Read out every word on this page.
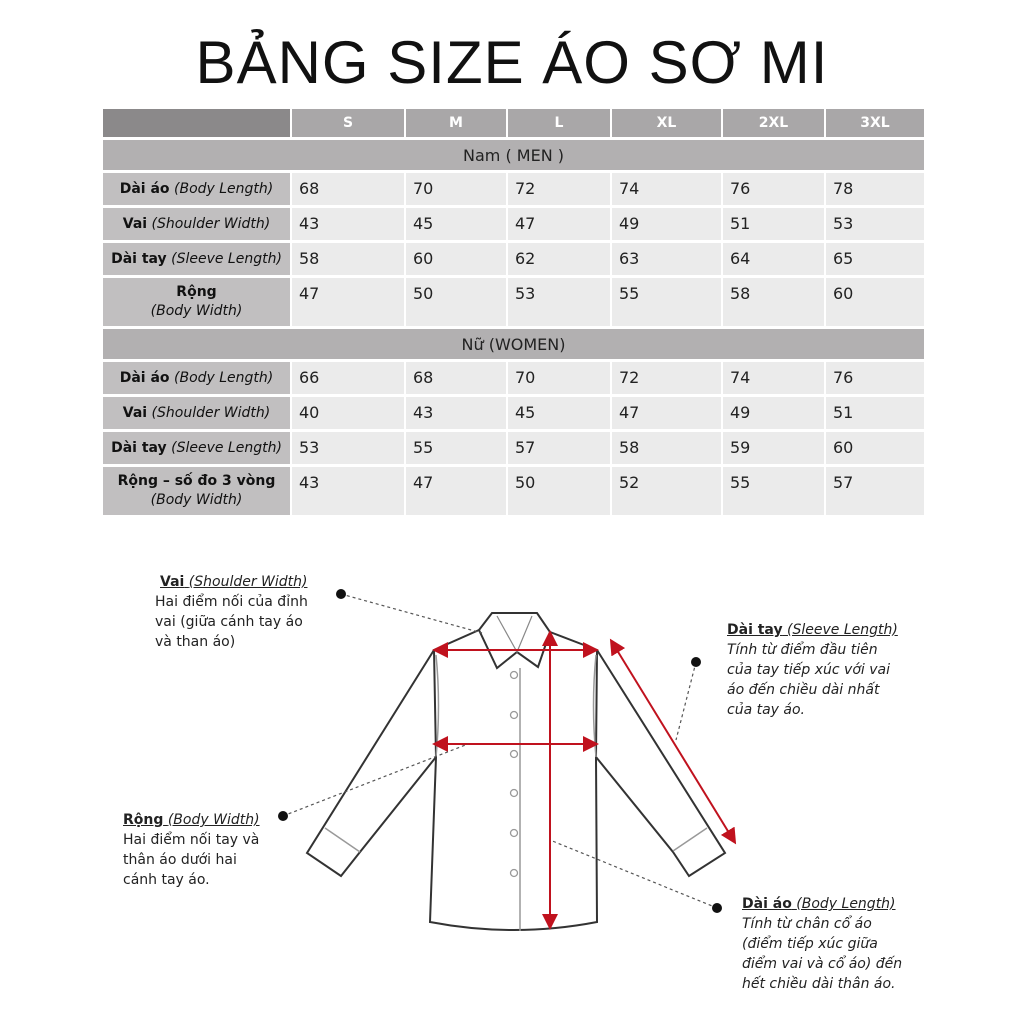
BẢNG SIZE ÁO SƠ MI
S	M	L	XL	2XL	3XL
Nam ( MEN )
Dài áo (Body Length)	68	70	72	74	76	78
Vai (Shoulder Width)	43	45	47	49	51	53
Dài tay (Sleeve Length)	58	60	62	63	64	65
Rộng
(Body Width)
47	50	53	55	58	60
Nữ (WOMEN)
Dài áo (Body Length)	66	68	70	72	74	76
Vai (Shoulder Width)	40	43	45	47	49	51
Dài tay (Sleeve Length)	53	55	57	58	59	60
Rộng – số đo 3 vòng
(Body Width)
43	47	50	52	55	57
Vai (Shoulder Width)
Hai điểm nối của đỉnh
vai (giữa cánh tay áo
và than áo)
Rộng (Body Width)
Hai điểm nối tay và
thân áo dưới hai
cánh tay áo.
Dài tay (Sleeve Length)
Tính từ điểm đầu tiên
của tay tiếp xúc với vai
áo đến chiều dài nhất
của tay áo.
Dài áo (Body Length)
Tính từ chân cổ áo
(điểm tiếp xúc giữa
điểm vai và cổ áo) đến
hết chiều dài thân áo.
